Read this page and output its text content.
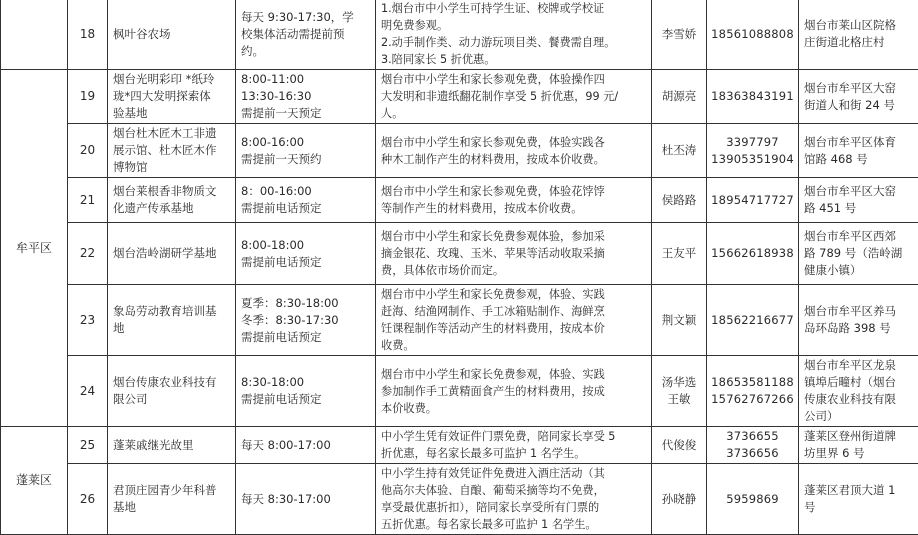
	18	枫叶谷农场	每天 9:30-17:30，学
校集体活动需提前预
约。	1.烟台市中小学生可持学生证、校牌或学校证
明免费参观。
2.动手制作类、动力游玩项目类、餐费需自理。
3.陪同家长 5 折优惠。	李雪娇	18561088808	烟台市莱山区院格
庄街道北格庄村

牟平区	19	烟台光明彩印 *纸玲
珑*四大发明探索体
验基地	8:00-11:00
13:30-16:30
需提前一天预定	烟台市中小学生和家长参观免费，体验操作四
大发明和非遗纸翻花制作享受 5 折优惠，99 元/
人。	胡源亮	18363843191	烟台市牟平区大窑
街道人和街 24 号

	20	烟台杜木匠木工非遗
展示馆、杜木匠木作
博物馆	8:00-16:00
需提前一天预约	烟台市中小学生和家长参观免费，体验实践各
种木工制作产生的材料费用，按成本价收费。	杜丕涛	3397797
13905351904	烟台市牟平区体育
馆路 468 号

	21	烟台莱根香非物质文
化遗产传承基地	8：00-16:00
需提前电话预定	烟台市中小学生和家长参观免费，体验花饽饽
等制作产生的材料费用，按成本价收费。	侯路路	18954717727	烟台市牟平区大窑
路 451 号

	22	烟台浩岭湖研学基地	8:00-18:00
需提前电话预定	烟台市中小学生和家长免费参观体验，参加采
摘金银花、玫瑰、玉米、苹果等活动收取采摘
费，具体依市场价而定。	王友平	15662618938	烟台市牟平区西郊
路 789 号（浩岭湖
健康小镇）

	23	象岛劳动教育培训基
地	夏季：8:30-18:00
冬季：8:30-17:30
需提前电话预定	烟台市中小学生和家长免费参观，体验、实践
赶海、结渔网制作、手工冰箱贴制作、海鲜烹
饪课程制作等活动产生的材料费用，按成本价
收费。	荆文颖	18562216677	烟台市牟平区养马
岛环岛路 398 号

	24	烟台传康农业科技有
限公司	8:30-18:00
需提前电话预定	烟台市中小学生和家长免费参观，体验、实践
参加制作手工黄精面食产生的材料费用，按成
本价收费。	汤华选
王敏	18653581188
15762767266	烟台市牟平区龙泉
镇埠后疃村（烟台
传康农业科技有限
公司）

蓬莱区	25	蓬莱戚继光故里	每天 8:00-17:00	中小学生凭有效证件门票免费，陪同家长享受 5
折优惠，每名家长最多可监护 1 名学生。	代俊俊	3736655
3736656	蓬莱区登州街道牌
坊里界 6 号

	26	君顶庄园青少年科普
基地	每天 8:30-17:00	中小学生持有效凭证件免费进入酒庄活动（其
他高尔夫体验、自酿、葡萄采摘等均不免费，
享受最优惠折扣），陪同家长享受所有门票的
五折优惠。每名家长最多可监护 1 名学生。	孙晓静	5959869	蓬莱区君顶大道 1
号
